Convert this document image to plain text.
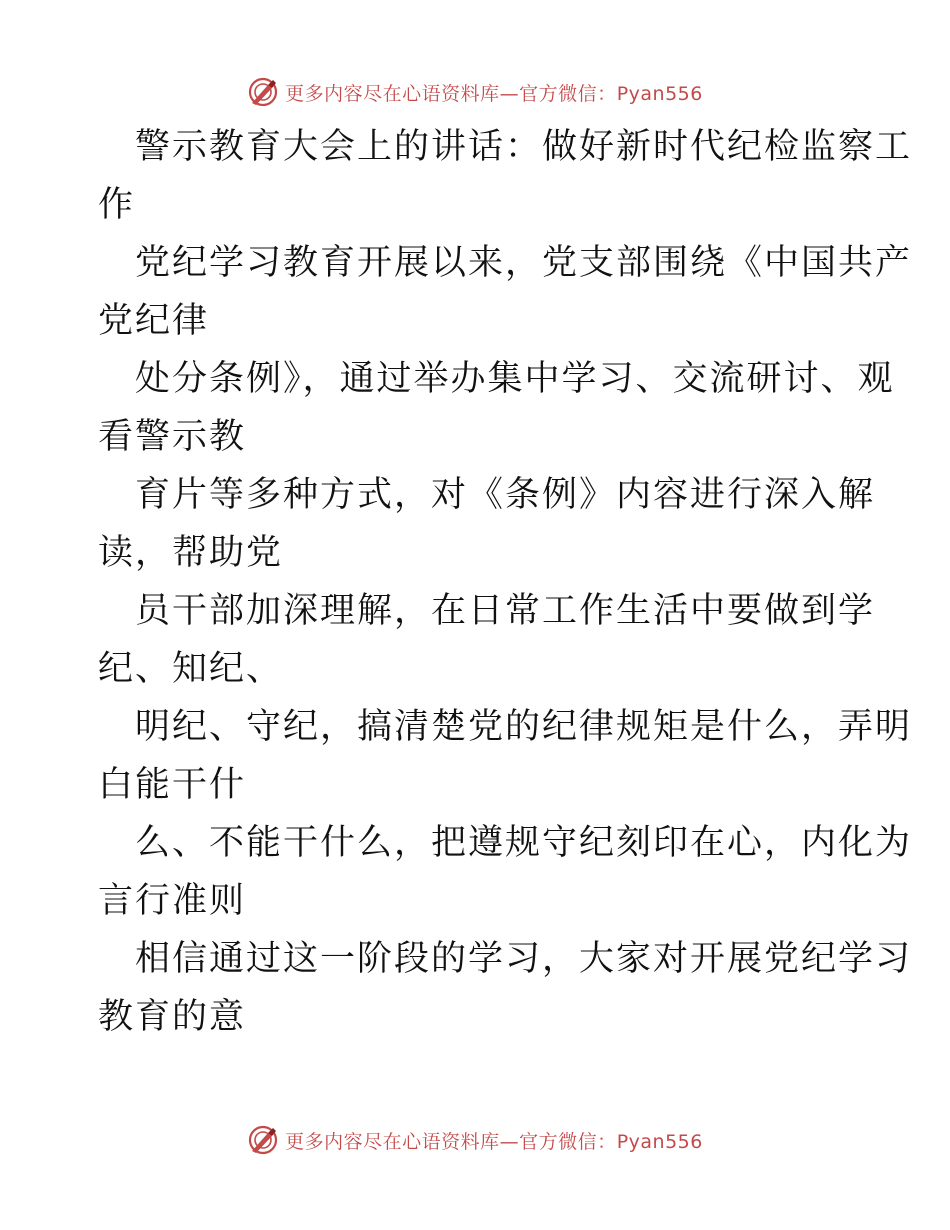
更多内容尽在心语资料库—官方微信：Pyan556
警示教育大会上的讲话：做好新时代纪检监察工
作
党纪学习教育开展以来，党支部围绕《中国共产
党纪律
处分条例》，通过举办集中学习、交流研讨、观
看警示教
育片等多种方式，对《条例》内容进行深入解
读，帮助党
员干部加深理解，在日常工作生活中要做到学
纪、知纪、
明纪、守纪，搞清楚党的纪律规矩是什么，弄明
白能干什
么、不能干什么，把遵规守纪刻印在心，内化为
言行准则
相信通过这一阶段的学习，大家对开展党纪学习
教育的意
更多内容尽在心语资料库—官方微信：Pyan556
